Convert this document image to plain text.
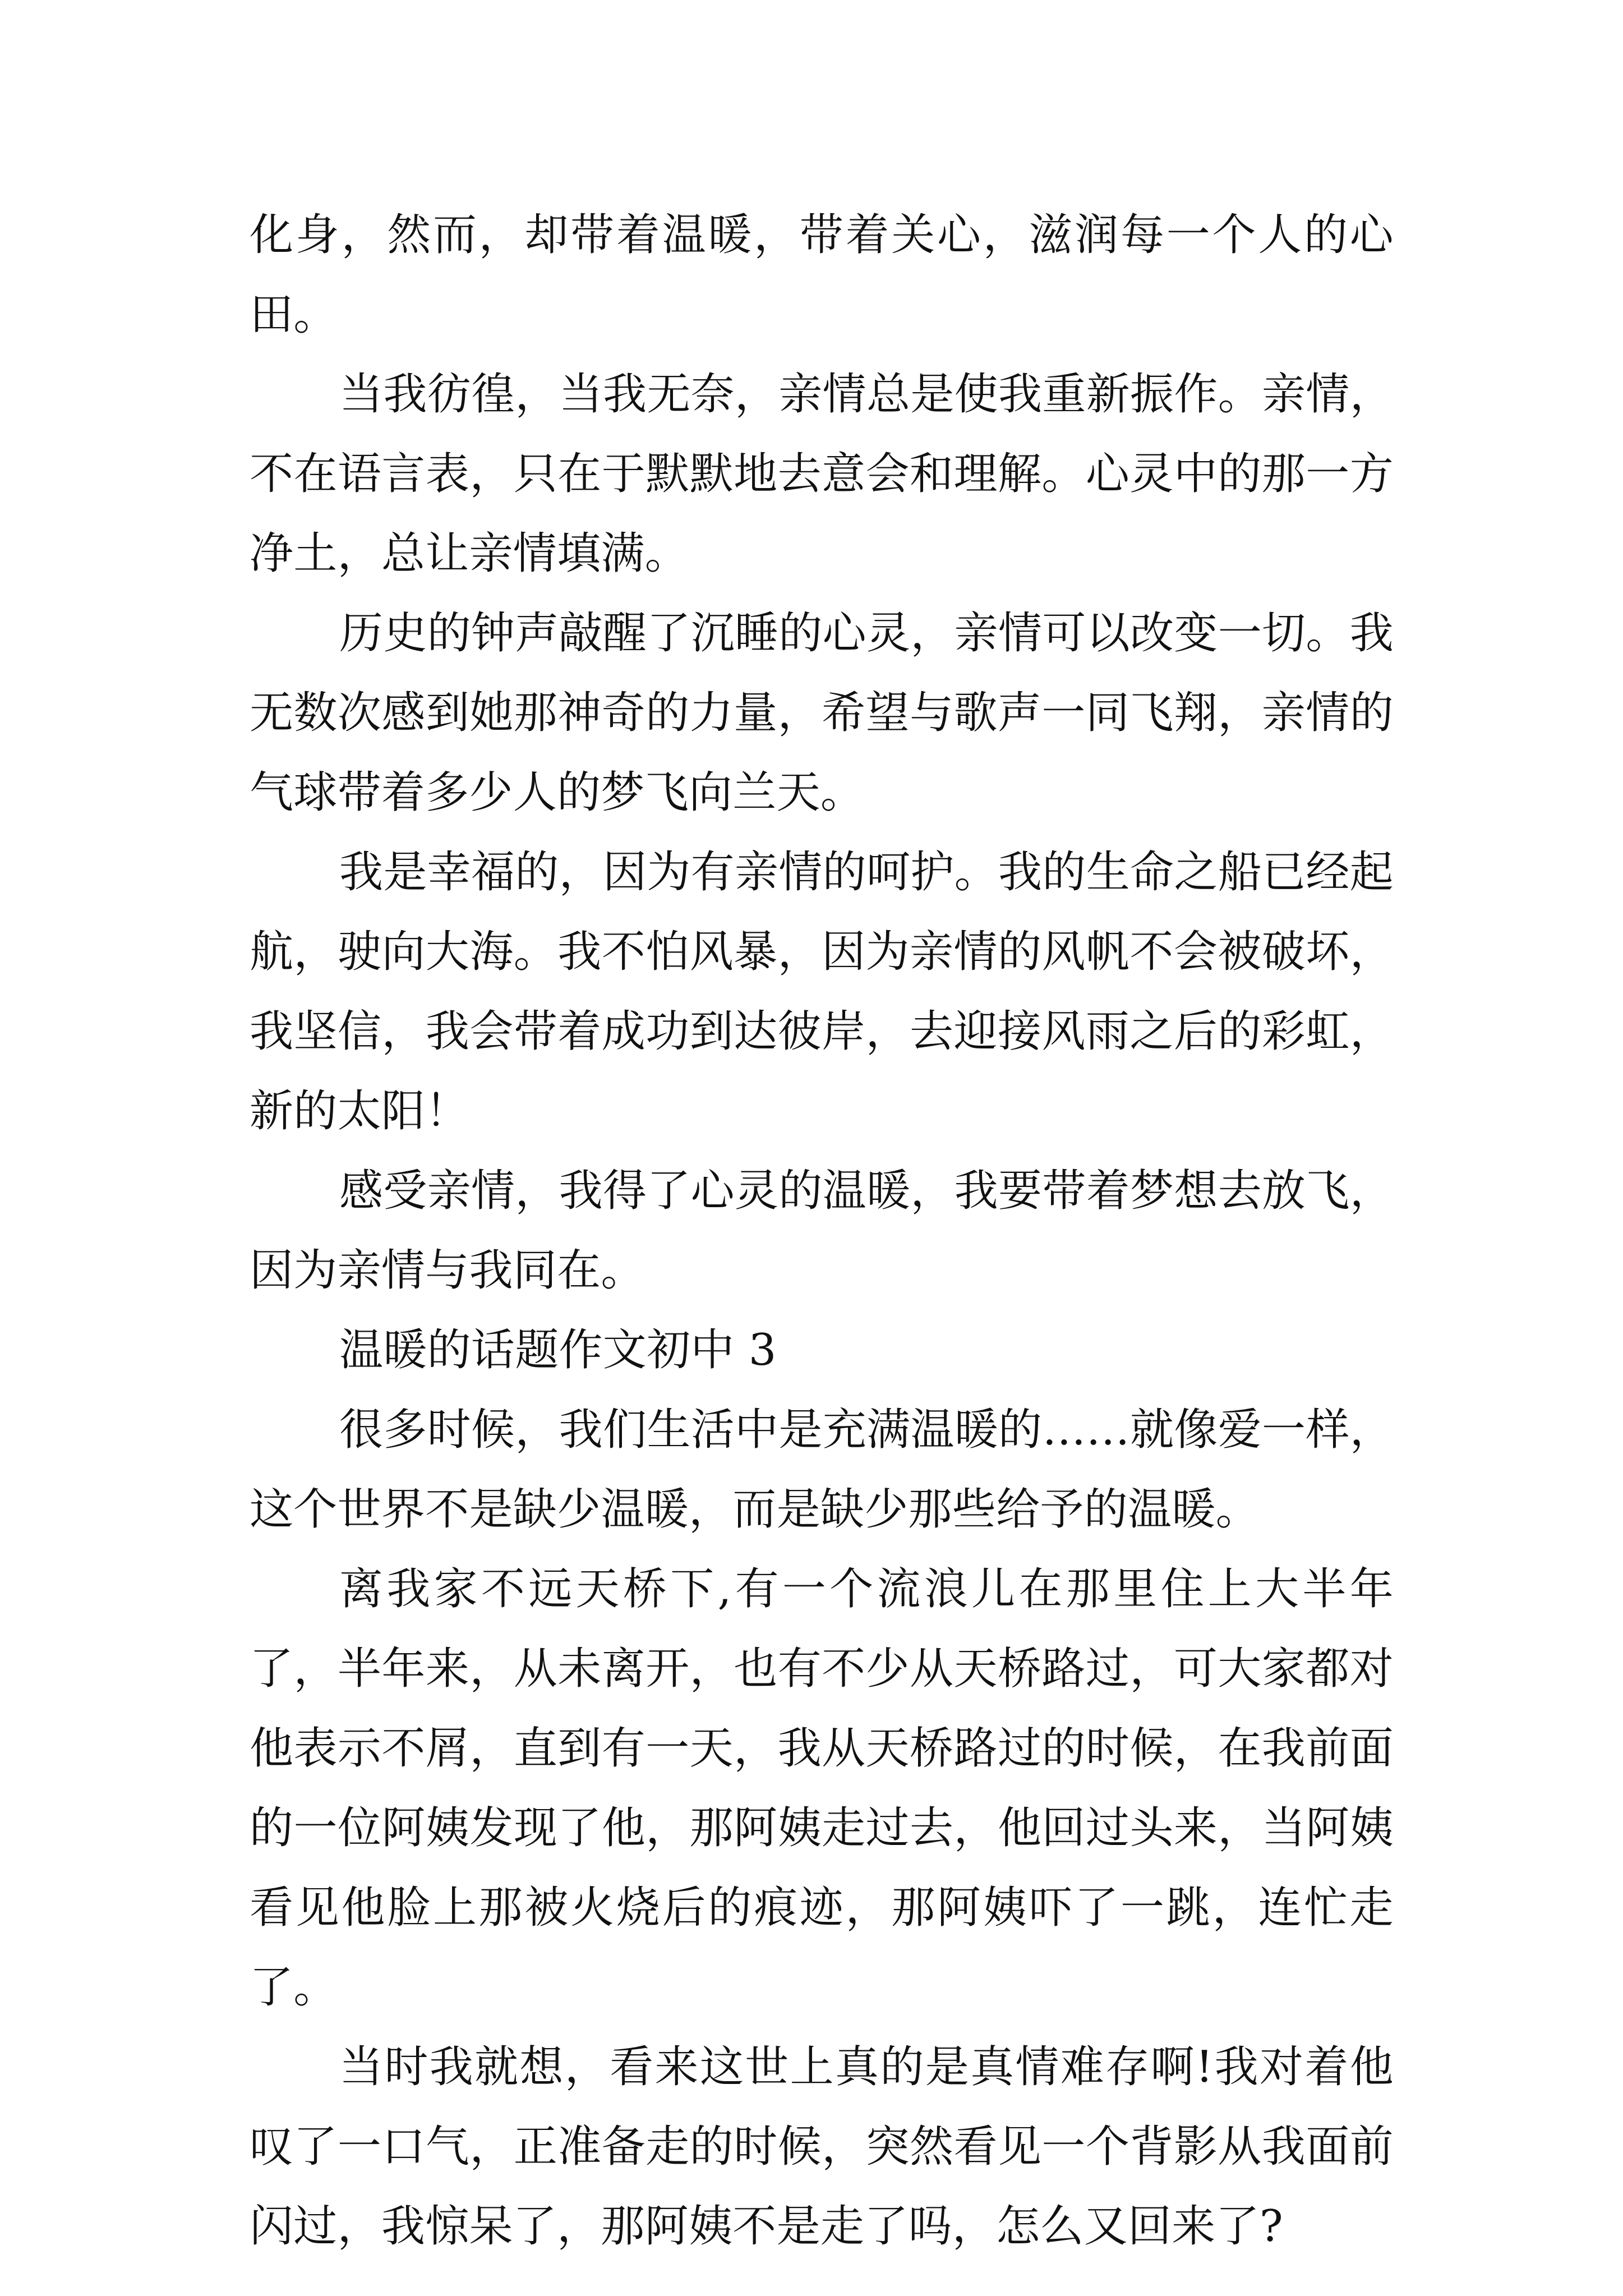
化身，然而，却带着温暖，带着关心，滋润每一个人的心田。

当我彷徨，当我无奈，亲情总是使我重新振作。亲情，不在语言表，只在于默默地去意会和理解。心灵中的那一方净土，总让亲情填满。

历史的钟声敲醒了沉睡的心灵，亲情可以改变一切。我无数次感到她那神奇的力量，希望与歌声一同飞翔，亲情的气球带着多少人的梦飞向兰天。

我是幸福的，因为有亲情的呵护。我的生命之船已经起航，驶向大海。我不怕风暴，因为亲情的风帆不会被破坏，我坚信，我会带着成功到达彼岸，去迎接风雨之后的彩虹，新的太阳！

感受亲情，我得了心灵的温暖，我要带着梦想去放飞，因为亲情与我同在。

温暖的话题作文初中 3

很多时候，我们生活中是充满温暖的……就像爱一样，这个世界不是缺少温暖，而是缺少那些给予的温暖。

离我家不远天桥下,有一个流浪儿在那里住上大半年了，半年来，从未离开，也有不少从天桥路过，可大家都对他表示不屑，直到有一天，我从天桥路过的时候，在我前面的一位阿姨发现了他，那阿姨走过去，他回过头来，当阿姨看见他脸上那被火烧后的痕迹，那阿姨吓了一跳，连忙走了。

当时我就想，看来这世上真的是真情难存啊!我对着他叹了一口气，正准备走的时候，突然看见一个背影从我面前闪过，我惊呆了，那阿姨不是走了吗，怎么又回来了?
